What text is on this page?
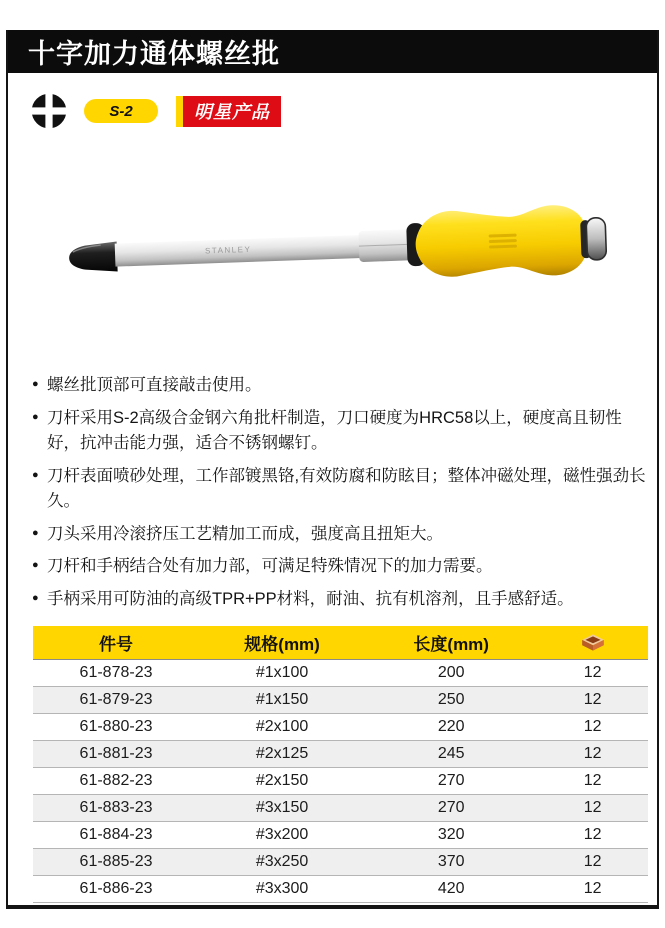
十字加力通体螺丝批
S-2	明星产品
STANLEY
● 螺丝批顶部可直接敲击使用。
● 刀杆采用S-2高级合金钢六角批杆制造，刀口硬度为HRC58以上，硬度高且韧性好，抗冲击能力强，适合不锈钢螺钉。
● 刀杆表面喷砂处理，工作部镀黑铬,有效防腐和防眩目；整体冲磁处理，磁性强劲长久。
● 刀头采用冷滚挤压工艺精加工而成，强度高且扭矩大。
● 刀杆和手柄结合处有加力部，可满足特殊情况下的加力需要。
● 手柄采用可防油的高级TPR+PP材料，耐油、抗有机溶剂，且手感舒适。
件号	规格(mm)	长度(mm)	
61-878-23	#1x100	200	12
61-879-23	#1x150	250	12
61-880-23	#2x100	220	12
61-881-23	#2x125	245	12
61-882-23	#2x150	270	12
61-883-23	#3x150	270	12
61-884-23	#3x200	320	12
61-885-23	#3x250	370	12
61-886-23	#3x300	420	12
